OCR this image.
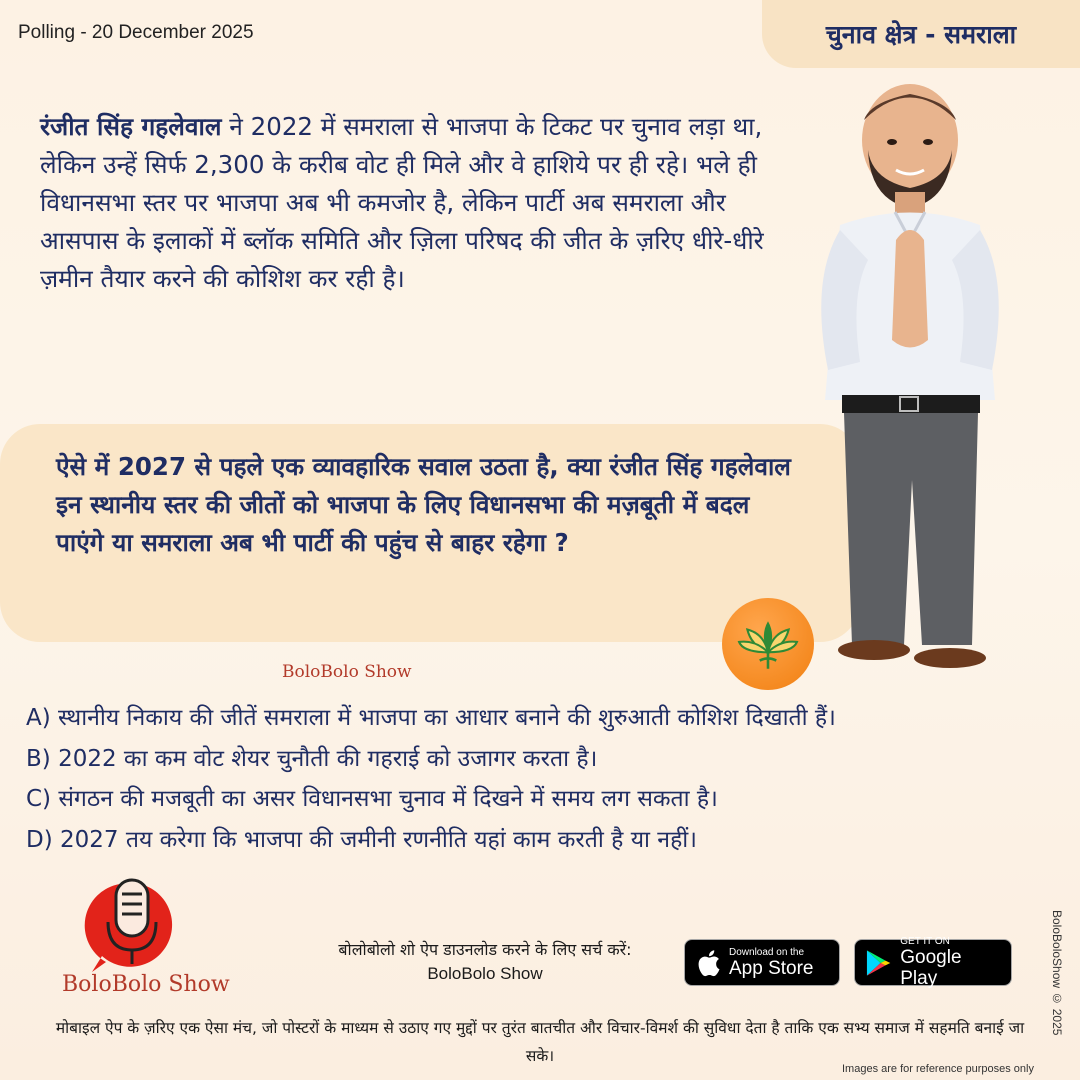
Polling - 20 December 2025	चुनाव क्षेत्र - समराला
रंजीत सिंह गहलेवाल ने 2022 में समराला से भाजपा के टिकट पर चुनाव लड़ा था, लेकिन उन्हें सिर्फ 2,300 के करीब वोट ही मिले और वे हाशिये पर ही रहे। भले ही विधानसभा स्तर पर भाजपा अब भी कमजोर है, लेकिन पार्टी अब समराला और आसपास के इलाकों में ब्लॉक समिति और ज़िला परिषद की जीत के ज़रिए धीरे-धीरे ज़मीन तैयार करने की कोशिश कर रही है।
ऐसे में 2027 से पहले एक व्यावहारिक सवाल उठता है, क्या रंजीत सिंह गहलेवाल इन स्थानीय स्तर की जीतों को भाजपा के लिए विधानसभा की मज़बूती में बदल पाएंगे या समराला अब भी पार्टी की पहुंच से बाहर रहेगा ?
BoloBolo Show
A) स्थानीय निकाय की जीतें समराला में भाजपा का आधार बनाने की शुरुआती कोशिश दिखाती हैं।
B) 2022 का कम वोट शेयर चुनौती की गहराई को उजागर करता है।
C) संगठन की मजबूती का असर विधानसभा चुनाव में दिखने में समय लग सकता है।
D) 2027 तय करेगा कि भाजपा की जमीनी रणनीति यहां काम करती है या नहीं।
BoloBolo Show
बोलोबोलो शो ऐप डाउनलोड करने के लिए सर्च करें:
BoloBolo Show
Download on the
App Store
GET IT ON
Google Play
मोबाइल ऐप के ज़रिए एक ऐसा मंच, जो पोस्टरों के माध्यम से उठाए गए मुद्दों पर तुरंत बातचीत और विचार-विमर्श की सुविधा देता है ताकि एक सभ्य समाज में सहमति बनाई जा सके।
Images are for reference purposes only
BoloBoloShow © 2025
